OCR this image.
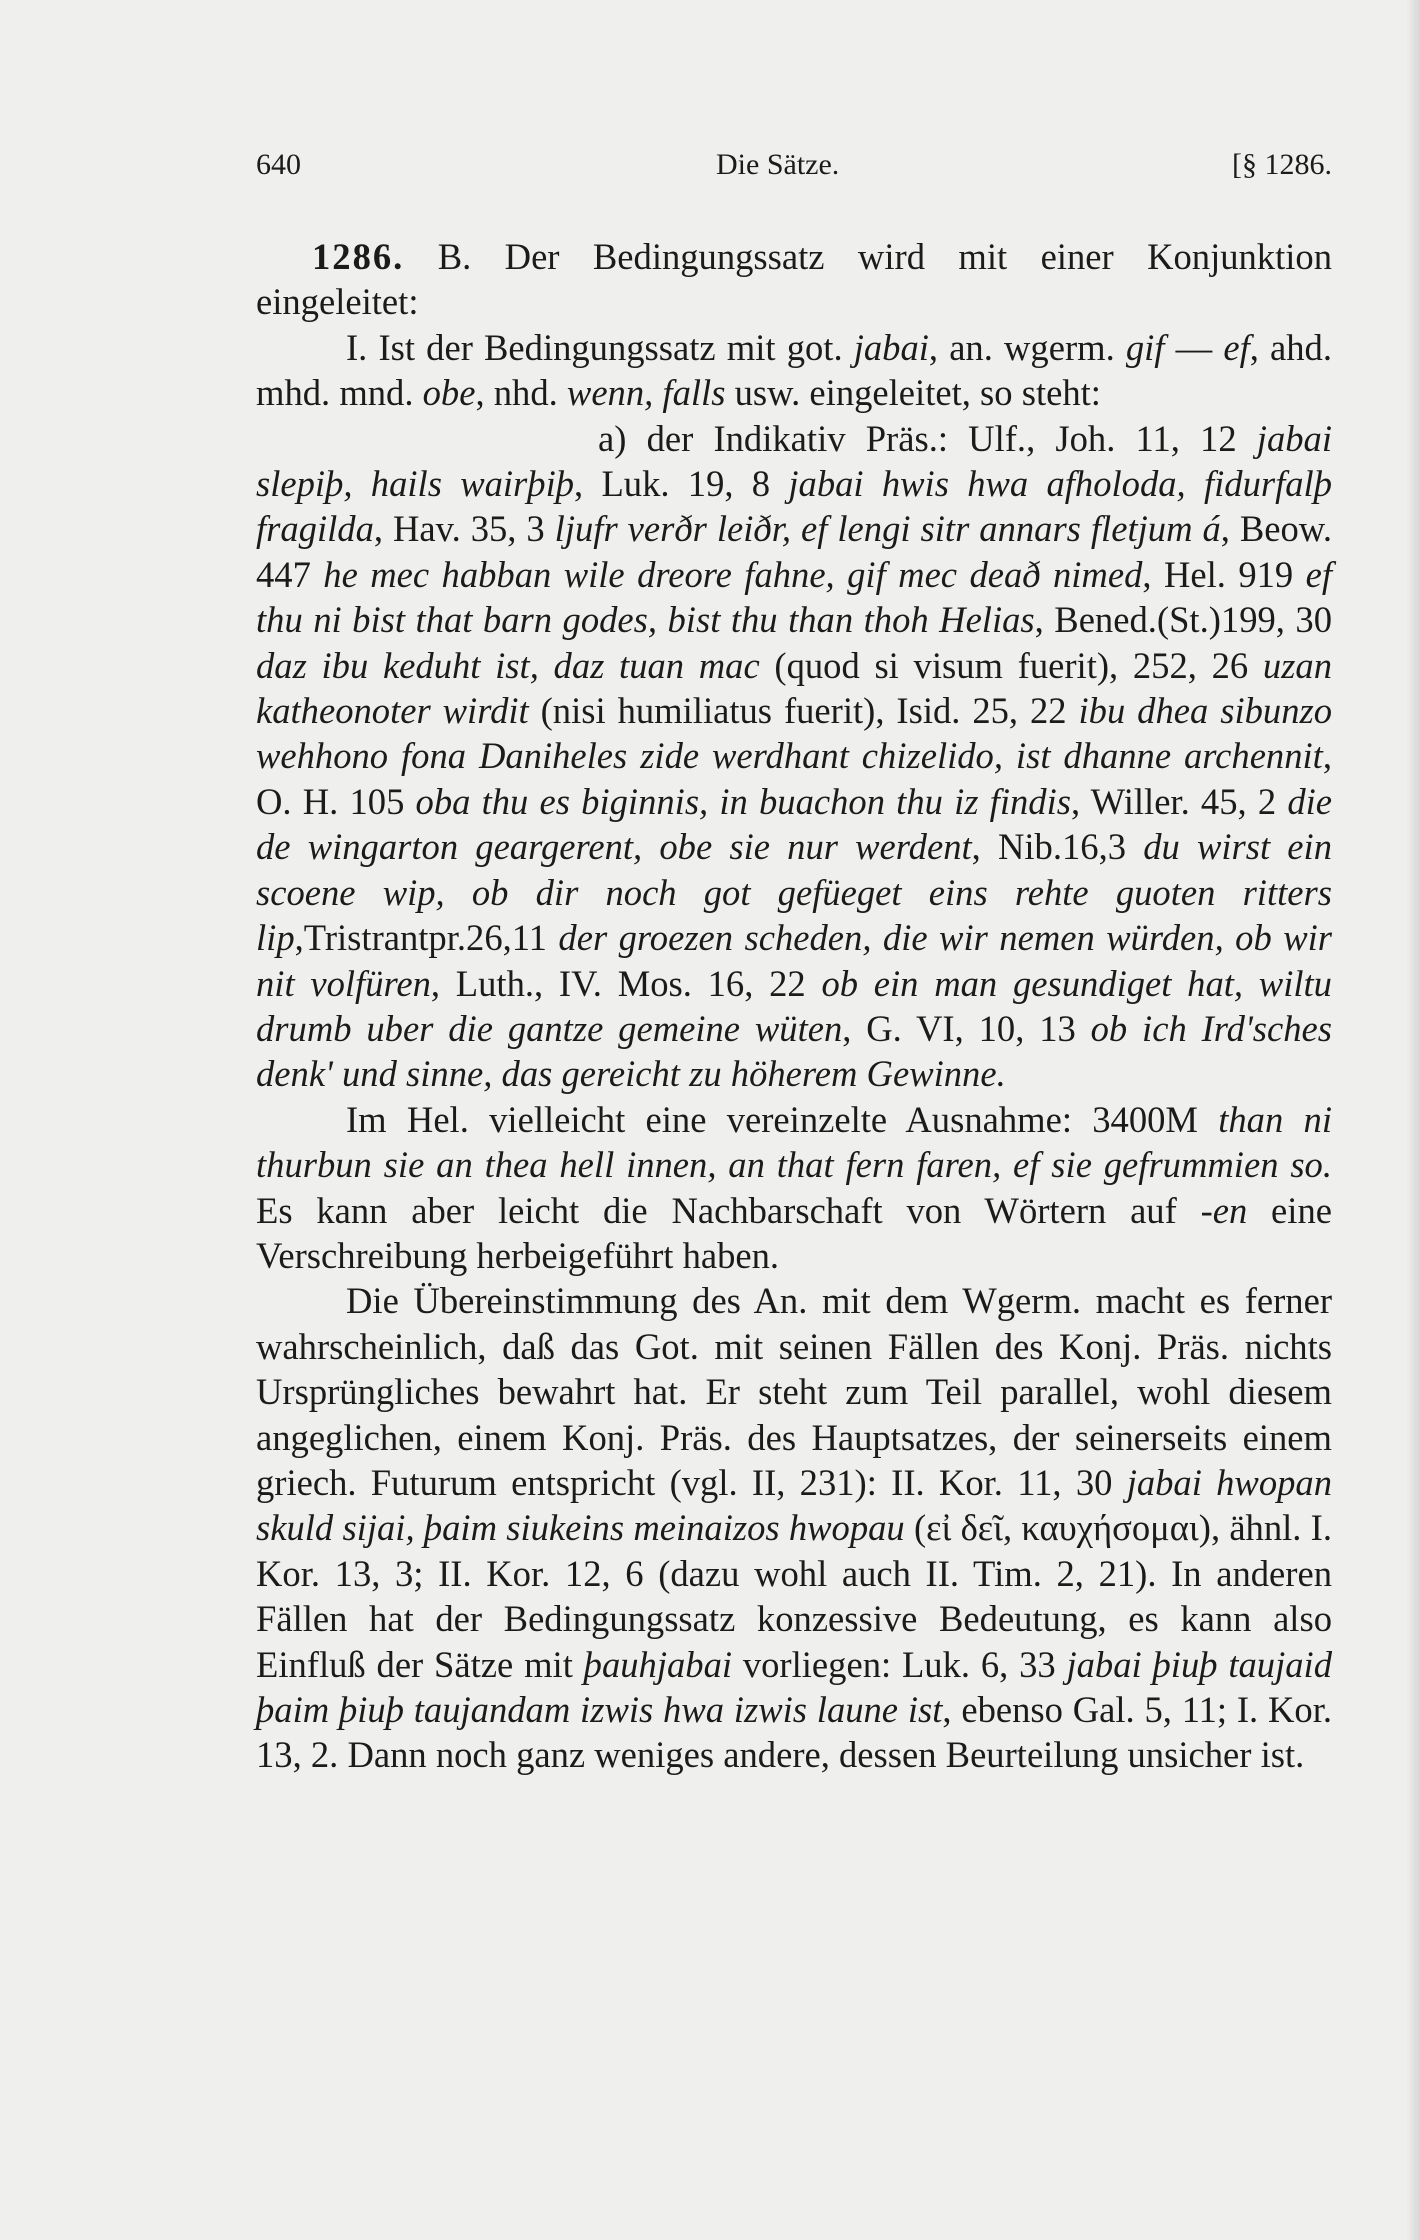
640	Die Sätze.	[§ 1286.

1286. B. Der Bedingungssatz wird mit einer Konjunktion eingeleitet:

I. Ist der Bedingungssatz mit got. jabai, an. wgerm. gif — ef, ahd. mhd. mnd. obe, nhd. wenn, falls usw. eingeleitet, so steht:

a) der Indikativ Präs.: Ulf., Joh. 11, 12 jabai slepiþ, hails wairþiþ, Luk. 19, 8 jabai hwis hwa afholoda, fidurfalþ fragilda, Hav. 35, 3 ljufr verðr leiðr, ef lengi sitr annars fletjum á, Beow. 447 he mec habban wile dreore fahne, gif mec deað nimed, Hel. 919 ef thu ni bist that barn godes, bist thu than thoh Helias, Bened.(St.)199, 30 daz ibu keduht ist, daz tuan mac (quod si visum fuerit), 252, 26 uzan katheonoter wirdit (nisi humiliatus fuerit), Isid. 25, 22 ibu dhea sibunzo wehhono fona Daniheles zide werdhant chizelido, ist dhanne archennit, O. H. 105 oba thu es biginnis, in buachon thu iz findis, Willer. 45, 2 die de wingarton geargerent, obe sie nur werdent, Nib.16,3 du wirst ein scoene wip, ob dir noch got gefüeget eins rehte guoten ritters lip,Tristrantpr.26,11 der groezen scheden, die wir nemen würden, ob wir nit volfüren, Luth., IV. Mos. 16, 22 ob ein man gesundiget hat, wiltu drumb uber die gantze gemeine wüten, G. VI, 10, 13 ob ich Ird'sches denk' und sinne, das gereicht zu höherem Gewinne.

Im Hel. vielleicht eine vereinzelte Ausnahme: 3400M than ni thurbun sie an thea hell innen, an that fern faren, ef sie gefrummien so. Es kann aber leicht die Nachbarschaft von Wörtern auf -en eine Verschreibung herbeigeführt haben.

Die Übereinstimmung des An. mit dem Wgerm. macht es ferner wahrscheinlich, daß das Got. mit seinen Fällen des Konj. Präs. nichts Ursprüngliches bewahrt hat. Er steht zum Teil parallel, wohl diesem angeglichen, einem Konj. Präs. des Hauptsatzes, der seinerseits einem griech. Futurum entspricht (vgl. II, 231): II. Kor. 11, 30 jabai hwopan skuld sijai, þaim siukeins meinaizos hwopau (εἰ δεῖ, καυχήσομαι), ähnl. I. Kor. 13, 3; II. Kor. 12, 6 (dazu wohl auch II. Tim. 2, 21). In anderen Fällen hat der Bedingungssatz konzessive Bedeutung, es kann also Einfluß der Sätze mit þauhjabai vorliegen: Luk. 6, 33 jabai þiuþ taujaid þaim þiuþ taujandam izwis hwa izwis laune ist, ebenso Gal. 5, 11; I. Kor. 13, 2. Dann noch ganz weniges andere, dessen Beurteilung unsicher ist.
